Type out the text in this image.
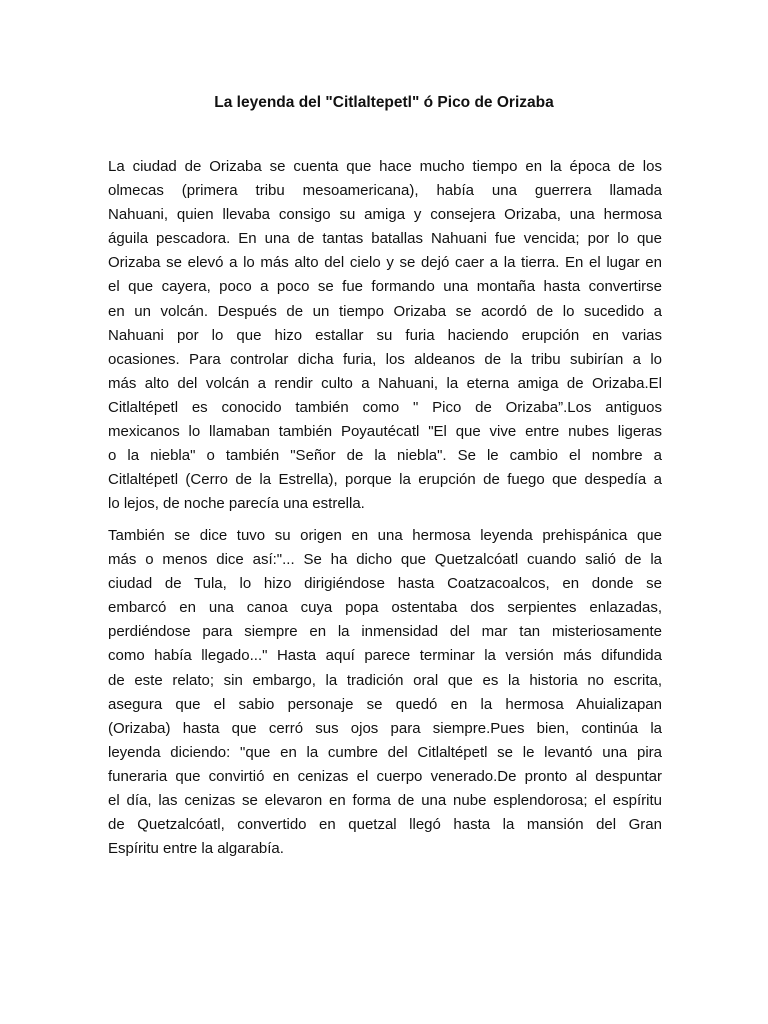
La leyenda del "Citlaltepetl" ó Pico de Orizaba

La ciudad de Orizaba se cuenta que hace mucho tiempo en la época de los
olmecas (primera tribu mesoamericana), había una guerrera llamada
Nahuani, quien llevaba consigo su amiga y consejera Orizaba, una hermosa
águila pescadora. En una de tantas batallas Nahuani fue vencida; por lo que
Orizaba se elevó a lo más alto del cielo y se dejó caer a la tierra. En el lugar en
el que cayera, poco a poco se fue formando una montaña hasta convertirse
en un volcán. Después de un tiempo Orizaba se acordó de lo sucedido a
Nahuani por lo que hizo estallar su furia haciendo erupción en varias
ocasiones. Para controlar dicha furia, los aldeanos de la tribu subirían a lo
más alto del volcán a rendir culto a Nahuani, la eterna amiga de Orizaba.El
Citlaltépetl es conocido también como " Pico de Orizaba”.Los antiguos
mexicanos lo llamaban también Poyautécatl "El que vive entre nubes ligeras
o la niebla" o también "Señor de la niebla". Se le cambio el nombre a
Citlaltépetl (Cerro de la Estrella), porque la erupción de fuego que despedía a
lo lejos, de noche parecía una estrella.

También se dice tuvo su origen en una hermosa leyenda prehispánica que
más o menos dice así:"... Se ha dicho que Quetzalcóatl cuando salió de la
ciudad de Tula, lo hizo dirigiéndose hasta Coatzacoalcos, en donde se
embarcó en una canoa cuya popa ostentaba dos serpientes enlazadas,
perdiéndose para siempre en la inmensidad del mar tan misteriosamente
como había llegado..." Hasta aquí parece terminar la versión más difundida
de este relato; sin embargo, la tradición oral que es la historia no escrita,
asegura que el sabio personaje se quedó en la hermosa Ahuializapan
(Orizaba) hasta que cerró sus ojos para siempre.Pues bien, continúa la
leyenda diciendo: "que en la cumbre del Citlaltépetl se le levantó una pira
funeraria que convirtió en cenizas el cuerpo venerado.De pronto al despuntar
el día, las cenizas se elevaron en forma de una nube esplendorosa; el espíritu
de Quetzalcóatl, convertido en quetzal llegó hasta la mansión del Gran
Espíritu entre la algarabía.
